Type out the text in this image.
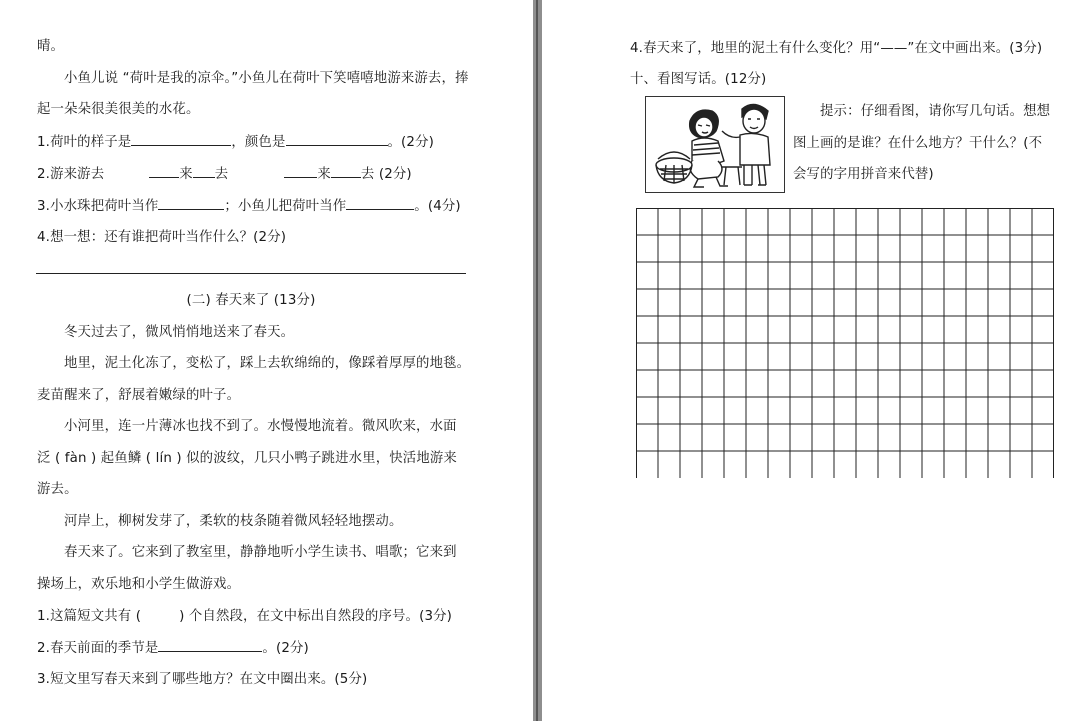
晴。
小鱼儿说 “荷叶是我的凉伞。”小鱼儿在荷叶下笑嘻嘻地游来游去，捧
起一朵朵很美很美的水花。
1.荷叶的样子是	，颜色是	。(2分)
2.游来游去	来 去	来 去 (2分)
3.小水珠把荷叶当作	；小鱼儿把荷叶当作	。(4分)
4.想一想：还有谁把荷叶当作什么？(2分)
(二) 春天来了 (13分)
冬天过去了，微风悄悄地送来了春天。
地里，泥土化冻了，变松了，踩上去软绵绵的，像踩着厚厚的地毯。
麦苗醒来了，舒展着嫩绿的叶子。
小河里，连一片薄冰也找不到了。水慢慢地流着。微风吹来，水面
泛 ( fàn ) 起鱼鳞 ( lín ) 似的波纹，几只小鸭子跳进水里，快活地游来
游去。
河岸上，柳树发芽了，柔软的枝条随着微风轻轻地摆动。
春天来了。它来到了教室里，静静地听小学生读书、唱歌；它来到
操场上，欢乐地和小学生做游戏。
1.这篇短文共有 (	) 个自然段，在文中标出自然段的序号。(3分)
2.春天前面的季节是	。(2分)
3.短文里写春天来到了哪些地方？在文中圈出来。(5分)
4.春天来了，地里的泥土有什么变化？用“——”在文中画出来。(3分)
十、看图写话。(12分)
提示：仔细看图，请你写几句话。想想
图上画的是谁？在什么地方？干什么？(不
会写的字用拼音来代替)
